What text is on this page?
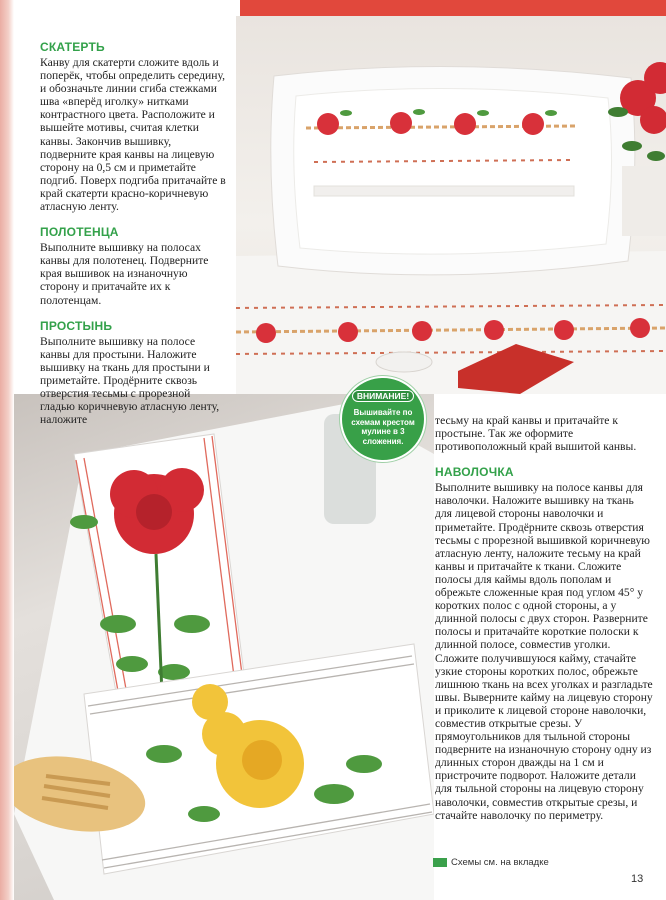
СКАТЕРТЬ
Канву для скатерти сложите вдоль и поперёк, чтобы определить середину, и обозначьте линии сгиба стежками шва «вперёд иголку» нитками контрастного цвета. Расположите и вышейте мотивы, считая клетки канвы. Закончив вышивку, подверните края канвы на лицевую сторону на 0,5 см и приметайте подгиб. Поверх подгиба притачайте в край скатерти красно-коричневую атласную ленту.
ПОЛОТЕНЦА
Выполните вышивку на полосах канвы для полотенец. Подверните края вышивок на изнаночную сторону и притачайте их к полотенцам.
ПРОСТЫНЬ
Выполните вышивку на полосе канвы для простыни. Наложите вышивку на ткань для простыни и приметайте. Продёрните сквозь отверстия тесьмы с прорезной гладью коричневую атласную ленту, наложите
ВНИМАНИЕ!
Вышивайте по схемам крестом мулине в 3 сложения.
тесьму на край канвы и притачайте к простыне. Так же оформите противоположный край вышитой канвы.
НАВОЛОЧКА
Выполните вышивку на полосе канвы для наволочки. Наложите вышивку на ткань для лицевой стороны наволочки и приметайте. Продёрните сквозь отверстия тесьмы с прорезной вышивкой коричневую атласную ленту, наложите тесьму на край канвы и притачайте к ткани. Сложите полосы для каймы вдоль пополам и обрежьте сложенные края под углом 45° у коротких полос с одной стороны, а у длинной полосы с двух сторон. Разверните полосы и притачайте короткие полоски к длинной полосе, совместив уголки. Сложите получившуюся кайму, стачайте узкие стороны коротких полос, обрежьте лишнюю ткань на всех уголках и разгладьте швы. Выверните кайму на лицевую сторону и приколите к лицевой стороне наволочки, совместив открытые срезы. У прямоугольников для тыльной стороны подверните на изнаночную сторону одну из длинных сторон дважды на 1 см и пристрочите подворот. Наложите детали для тыльной стороны на лицевую сторону наволочки, совместив открытые срезы, и стачайте наволочку по периметру.
Схемы см. на вкладке
13
